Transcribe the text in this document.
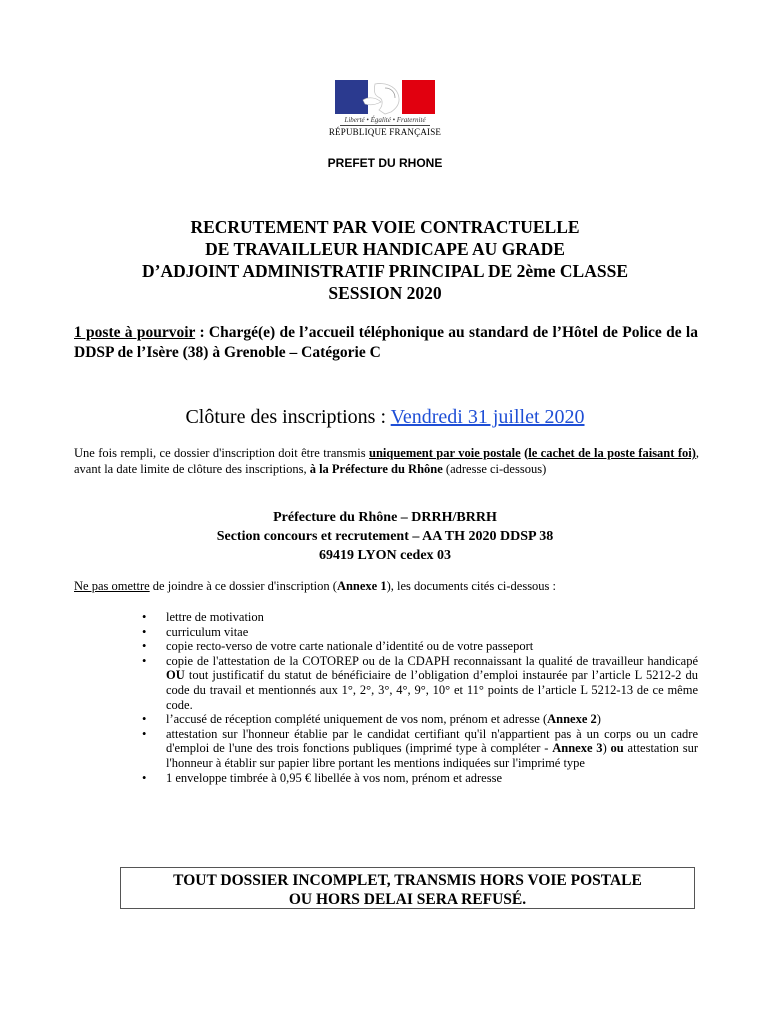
Liberté • Égalité • Fraternité
RÉPUBLIQUE FRANÇAISE
PREFET DU RHONE
RECRUTEMENT PAR VOIE CONTRACTUELLE
DE TRAVAILLEUR HANDICAPE AU GRADE
D’ADJOINT ADMINISTRATIF PRINCIPAL DE 2ème CLASSE
SESSION 2020
1 poste à pourvoir : Chargé(e) de l’accueil téléphonique au standard de l’Hôtel de Police de la DDSP de l’Isère (38) à Grenoble – Catégorie C
Clôture des inscriptions : Vendredi 31 juillet 2020
Une fois rempli, ce dossier d'inscription doit être transmis uniquement par voie postale (le cachet de la poste faisant foi), avant la date limite de clôture des inscriptions, à la Préfecture du Rhône (adresse ci-dessous)
Préfecture du Rhône – DRRH/BRRH
Section concours et recrutement – AA TH 2020 DDSP 38
69419 LYON cedex 03
Ne pas omettre de joindre à ce dossier d'inscription (Annexe 1), les documents cités ci-dessous :
• lettre de motivation
• curriculum vitae
• copie recto-verso de votre carte nationale d’identité ou de votre passeport
• copie de l'attestation de la COTOREP ou de la CDAPH reconnaissant la qualité de travailleur handicapé OU tout justificatif du statut de bénéficiaire de l’obligation d’emploi instaurée par l’article L 5212-2 du code du travail et mentionnés aux 1°, 2°, 3°, 4°, 9°, 10° et 11° points de l’article L 5212-13 de ce même code.
• l’accusé de réception complété uniquement de vos nom, prénom et adresse (Annexe 2)
• attestation sur l'honneur établie par le candidat certifiant qu'il n'appartient pas à un corps ou un cadre d'emploi de l'une des trois fonctions publiques (imprimé type à compléter - Annexe 3) ou attestation sur l'honneur à établir sur papier libre portant les mentions indiquées sur l'imprimé type
• 1 enveloppe timbrée à 0,95 € libellée à vos nom, prénom et adresse
TOUT DOSSIER INCOMPLET, TRANSMIS HORS VOIE POSTALE
OU HORS DELAI SERA REFUSÉ.
